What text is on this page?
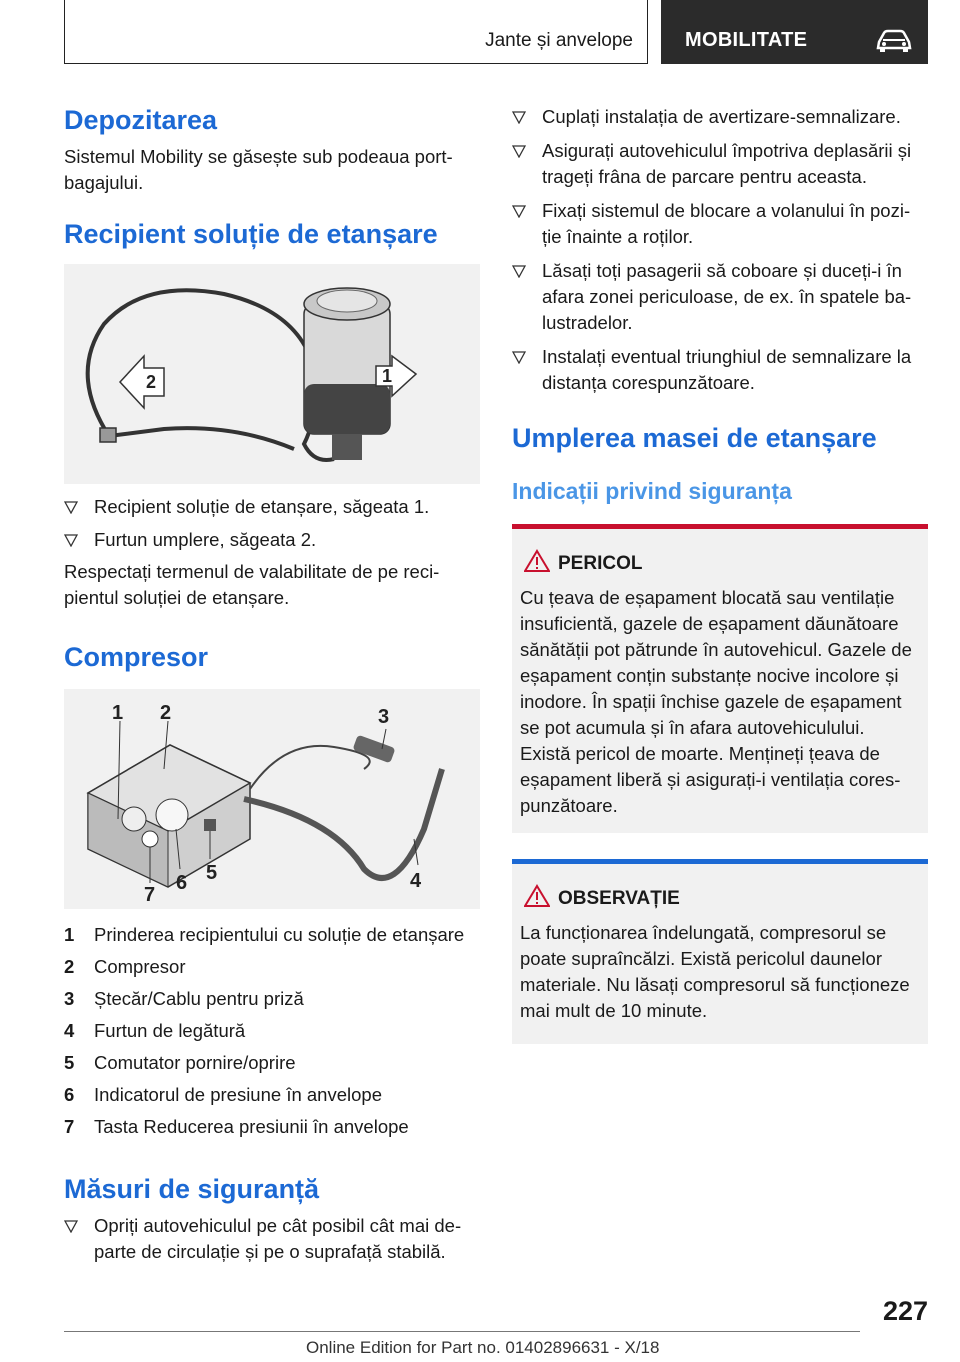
Jante și anvelope	MOBILITATE
Depozitarea

Sistemul Mobility se găsește sub podeaua port-bagajului.

Recipient soluție de etanșare
2	1
Recipient soluție de etanșare, săgeata 1.
Furtun umplere, săgeata 2.

Respectați termenul de valabilitate de pe reci-pientul soluției de etanșare.

Compresor
1 2	3
4
5
6
7
1 Prinderea recipientului cu soluție de etanșare
2 Compresor
3 Ștecăr/Cablu pentru priză
4 Furtun de legătură
5 Comutator pornire/oprire
6 Indicatorul de presiune în anvelope
7 Tasta Reducerea presiunii în anvelope
Măsuri de siguranță
Opriți autovehiculul pe cât posibil cât mai de-parte de circulație și pe o suprafață stabilă.
Cuplați instalația de avertizare-semnalizare.
Asigurați autovehiculul împotriva deplasării și trageți frâna de parcare pentru aceasta.
Fixați sistemul de blocare a volanului în pozi-ție înainte a roților.
Lăsați toți pasagerii să coboare și duceți-i în afara zonei periculoase, de ex. în spatele ba-lustradelor.
Instalați eventual triunghiul de semnalizare la distanța corespunzătoare.
Umplerea masei de etanșare
Indicații privind siguranța
PERICOL

Cu țeava de eșapament blocată sau ventilație insuficientă, gazele de eșapament dăunătoare sănătății pot pătrunde în autovehicul. Gazele de eșapament conțin substanțe nocive incolore și inodore. În spații închise gazele de eșapament se pot acumula și în afara autovehiculului. Există pericol de moarte. Mențineți țeava de eșapament liberă și asigurați-i ventilația cores-punzătoare.

OBSERVAȚIE

La funcționarea îndelungată, compresorul se poate supraîncălzi. Există pericolul daunelor materiale. Nu lăsați compresorul să funcționeze mai mult de 10 minute.

227
Online Edition for Part no. 01402896631 - X/18
